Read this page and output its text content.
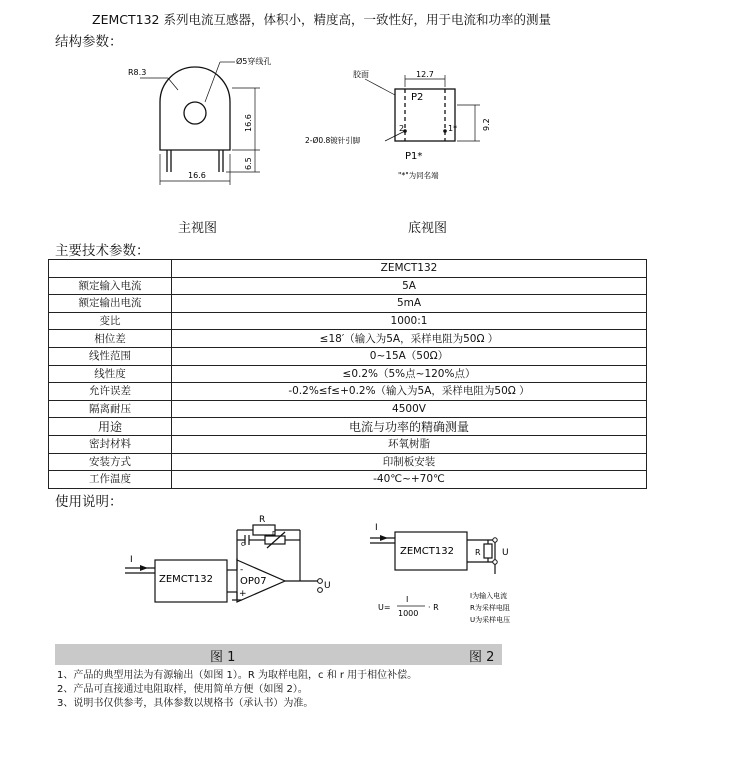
ZEMCT132 系列电流互感器，体积小，精度高，一致性好，用于电流和功率的测量
结构参数：
R8.3
Ø5穿线孔
16.6
6.5
16.6
胶面	12.7
P2
2-Ø0.8镀针引脚
2	1*	9.2
P1*
"*"为同名端
主视图	底视图
主要技术参数：
	ZEMCT132
额定输入电流	5A
额定输出电流	5mA
变比	1000:1
相位差	≤18′（输入为5A，采样电阻为50Ω ）
线性范围	0~15A（50Ω）
线性度	≤0.2%（5%点~120%点）
允许误差	-0.2%≤f≤+0.2%（输入为5A，采样电阻为50Ω ）
隔离耐压	4500V
用途	电流与功率的精确测量
密封材料	环氧树脂
安装方式	印制板安装
工作温度	-40℃~+70℃
使用说明：
I
R
c
r
ZEMCT132	OP07
-
+
U
I
ZEMCT132	R U
U=
I
1000
· R
I为输入电流
R为采样电阻
U为采样电压
图 1	图 2
1、产品的典型用法为有源输出（如图 1）。R 为取样电阻，c 和 r 用于相位补偿。
2、产品可直接通过电阻取样，使用简单方便（如图 2）。
3、说明书仅供参考，具体参数以规格书（承认书）为准。
